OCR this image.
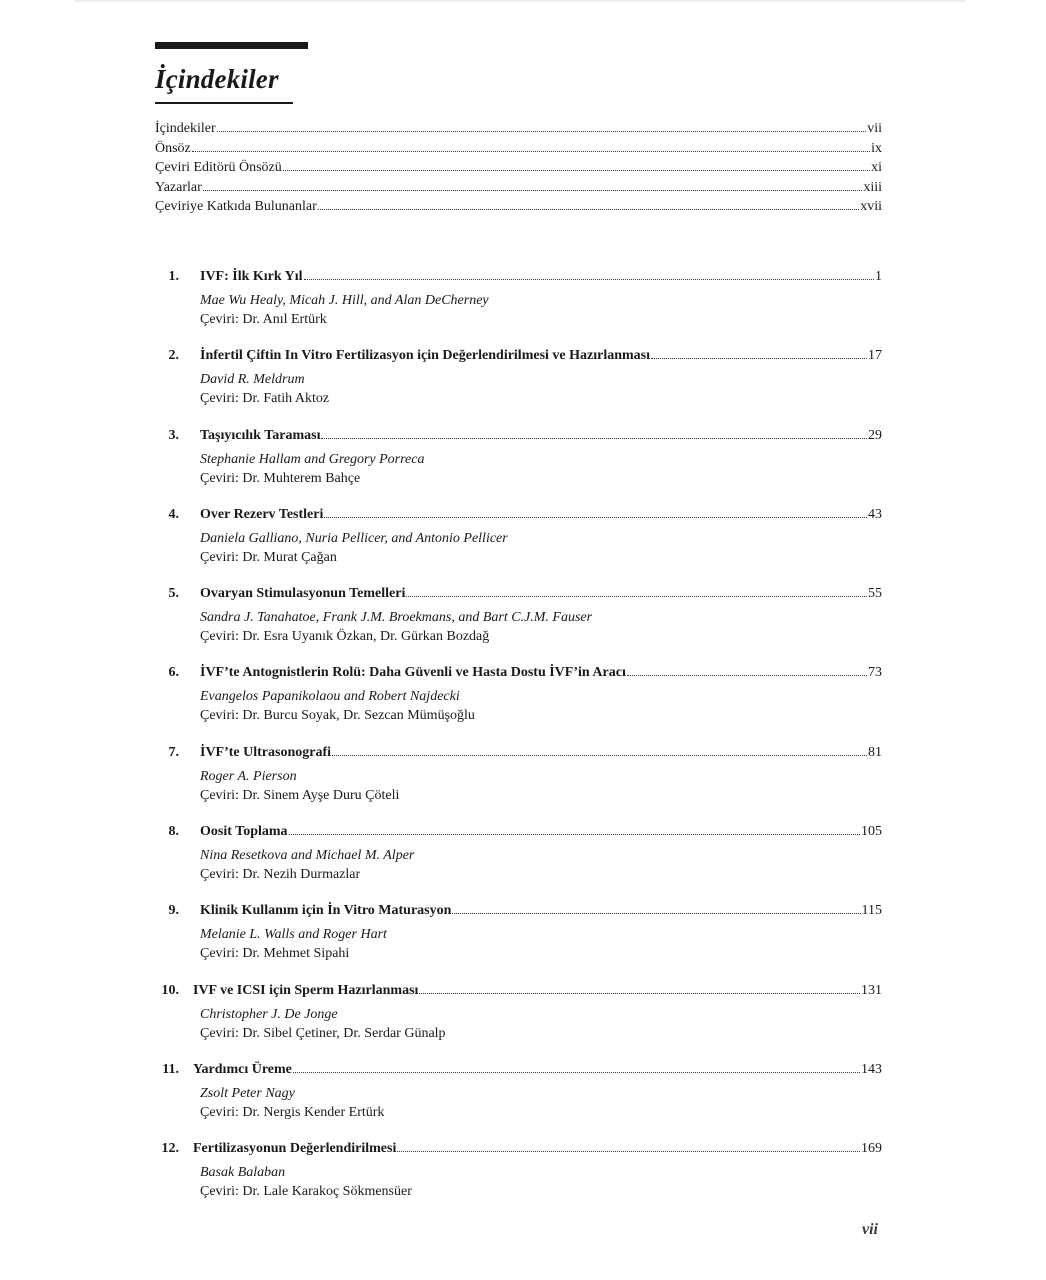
İçindekiler
İçindekiler	vii
Önsöz	ix
Çeviri Editörü Önsözü	xi
Yazarlar	xiii
Çeviriye Katkıda Bulunanlar	xvii
1. IVF: İlk Kırk Yıl	1
Mae Wu Healy, Micah J. Hill, and Alan DeCherney
Çeviri: Dr. Anıl Ertürk
2. İnfertil Çiftin In Vitro Fertilizasyon için Değerlendirilmesi ve Hazırlanması	17
David R. Meldrum
Çeviri: Dr. Fatih Aktoz
3. Taşıyıcılık Taraması	29
Stephanie Hallam and Gregory Porreca
Çeviri: Dr. Muhterem Bahçe
4. Over Rezerv Testleri	43
Daniela Galliano, Nuria Pellicer, and Antonio Pellicer
Çeviri: Dr. Murat Çağan
5. Ovaryan Stimulasyonun Temelleri	55
Sandra J. Tanahatoe, Frank J.M. Broekmans, and Bart C.J.M. Fauser
Çeviri: Dr. Esra Uyanık Özkan, Dr. Gürkan Bozdağ
6. İVF’te Antognistlerin Rolü: Daha Güvenli ve Hasta Dostu İVF’in Aracı	73
Evangelos Papanikolaou and Robert Najdecki
Çeviri: Dr. Burcu Soyak, Dr. Sezcan Mümüşoğlu
7. İVF’te Ultrasonografi	81
Roger A. Pierson
Çeviri: Dr. Sinem Ayşe Duru Çöteli
8. Oosit Toplama	105
Nina Resetkova and Michael M. Alper
Çeviri: Dr. Nezih Durmazlar
9. Klinik Kullanım için İn Vitro Maturasyon	115
Melanie L. Walls and Roger Hart
Çeviri: Dr. Mehmet Sipahi
10. IVF ve ICSI için Sperm Hazırlanması	131
Christopher J. De Jonge
Çeviri: Dr. Sibel Çetiner, Dr. Serdar Günalp
11. Yardımcı Üreme	143
Zsolt Peter Nagy
Çeviri: Dr. Nergis Kender Ertürk
12. Fertilizasyonun Değerlendirilmesi	169
Basak Balaban
Çeviri: Dr. Lale Karakoç Sökmensüer
vii
